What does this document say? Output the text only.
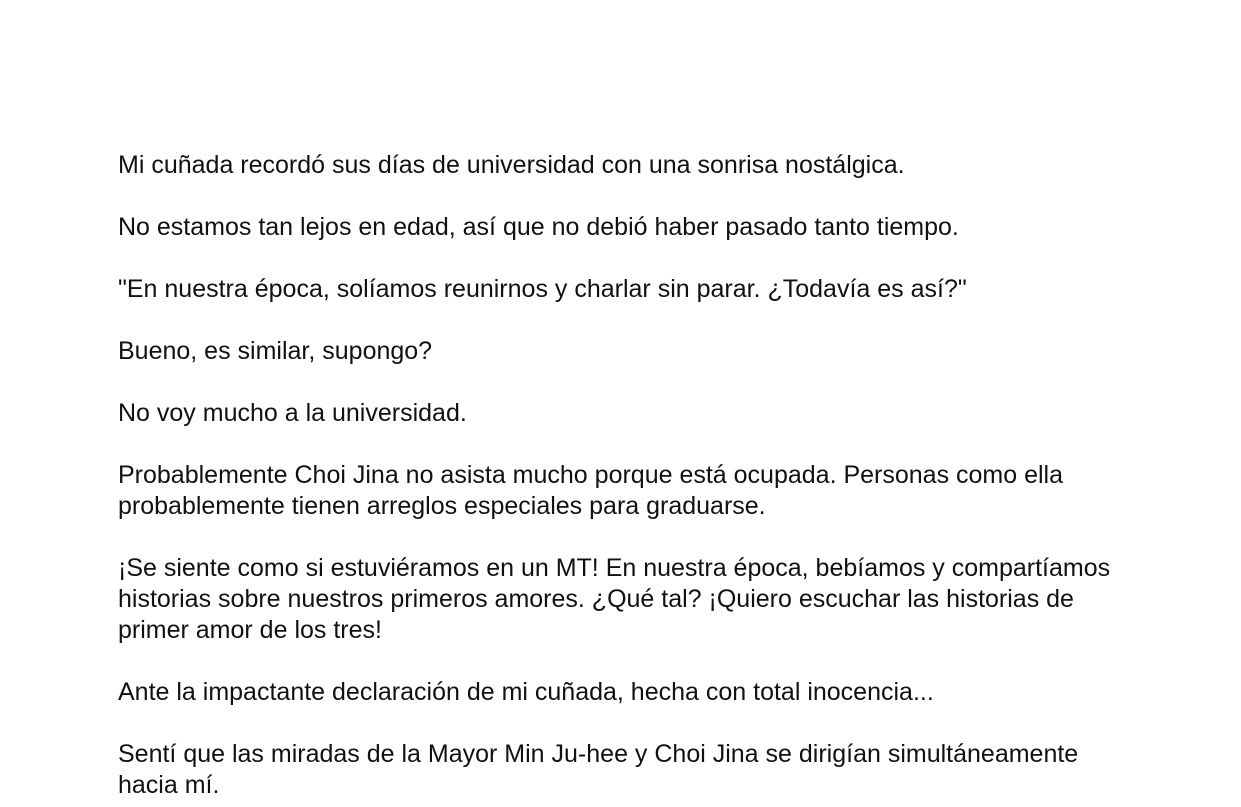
Mi cuñada recordó sus días de universidad con una sonrisa nostálgica.

No estamos tan lejos en edad, así que no debió haber pasado tanto tiempo.

"En nuestra época, solíamos reunirnos y charlar sin parar. ¿Todavía es así?"

Bueno, es similar, supongo?

No voy mucho a la universidad.

Probablemente Choi Jina no asista mucho porque está ocupada. Personas como ella probablemente tienen arreglos especiales para graduarse.

¡Se siente como si estuviéramos en un MT! En nuestra época, bebíamos y compartíamos historias sobre nuestros primeros amores. ¿Qué tal? ¡Quiero escuchar las historias de primer amor de los tres!

Ante la impactante declaración de mi cuñada, hecha con total inocencia...

Sentí que las miradas de la Mayor Min Ju-hee y Choi Jina se dirigían simultáneamente hacia mí.
